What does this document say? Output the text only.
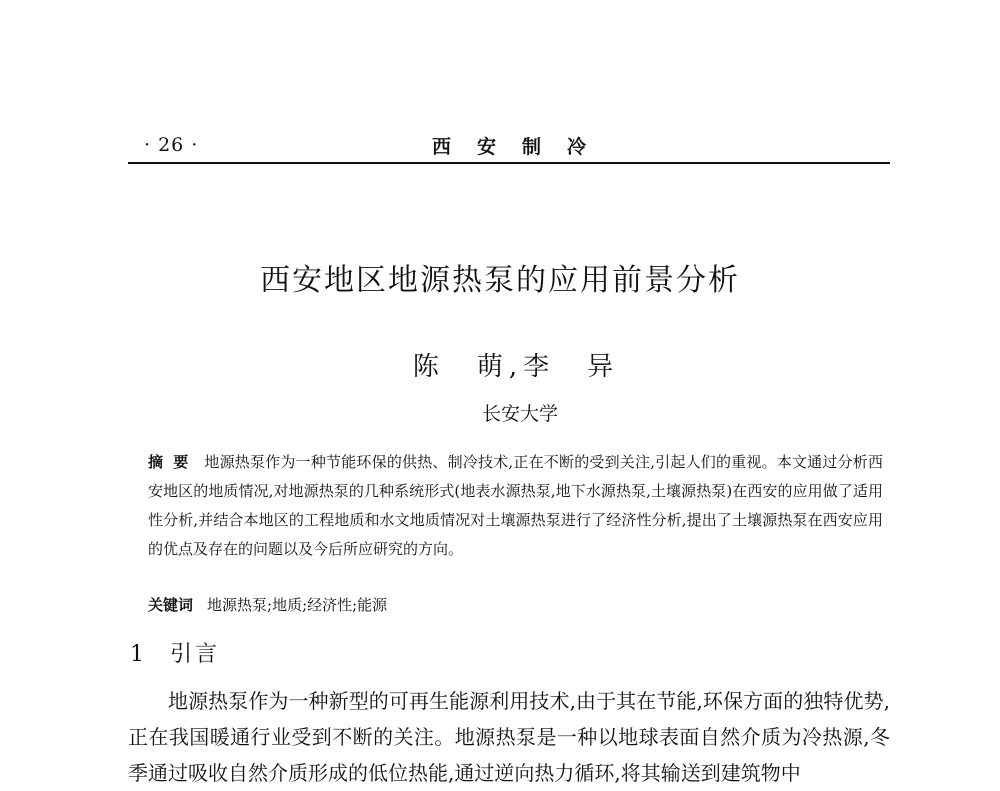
· 26 ·	西安制冷
西安地区地源热泵的应用前景分析
陈　萌,李　异
长安大学
摘要 地源热泵作为一种节能环保的供热、制冷技术,正在不断的受到关注,引起人们的重视。本文通过分析西安地区的地质情况,对地源热泵的几种系统形式(地表水源热泵,地下水源热泵,土壤源热泵)在西安的应用做了适用性分析,并结合本地区的工程地质和水文地质情况对土壤源热泵进行了经济性分析,提出了土壤源热泵在西安应用的优点及存在的问题以及今后所应研究的方向。
关键词 地源热泵;地质;经济性;能源
1 引言
地源热泵作为一种新型的可再生能源利用技术,由于其在节能,环保方面的独特优势,正在我国暖通行业受到不断的关注。地源热泵是一种以地球表面自然介质为冷热源,冬季通过吸收自然介质形成的低位热能,通过逆向热力循环,将其输送到建筑物中
